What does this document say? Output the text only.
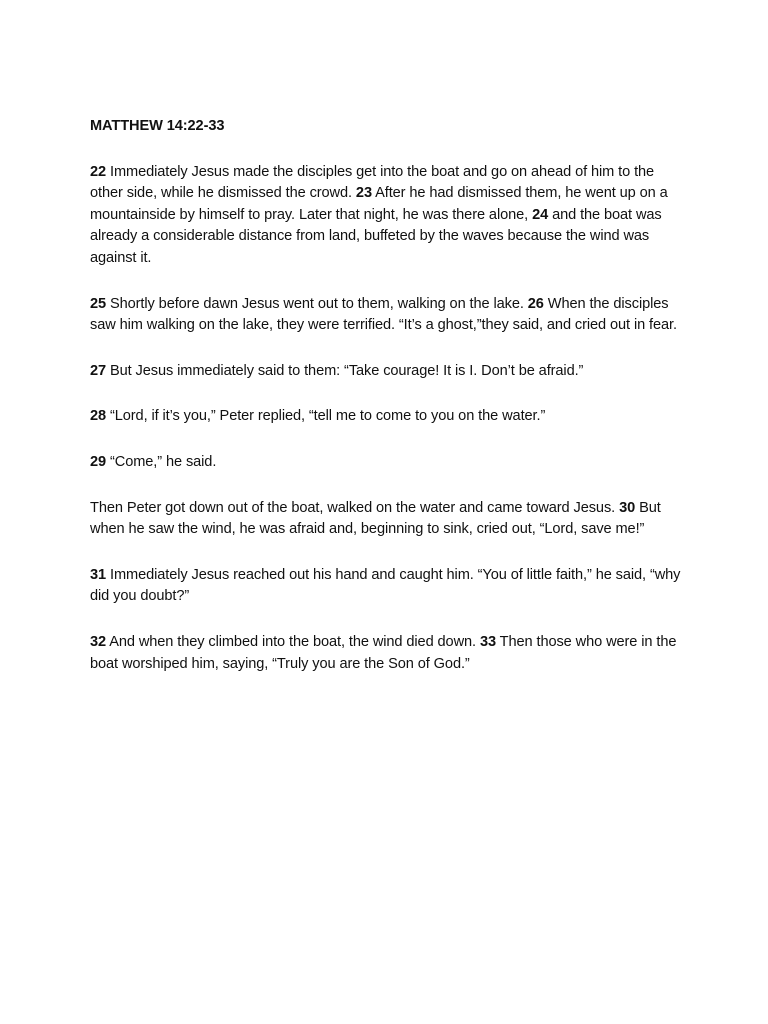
MATTHEW 14:22-33
22 Immediately Jesus made the disciples get into the boat and go on ahead of him to the other side, while he dismissed the crowd. 23 After he had dismissed them, he went up on a mountainside by himself to pray. Later that night, he was there alone, 24 and the boat was already a considerable distance from land, buffeted by the waves because the wind was against it.
25 Shortly before dawn Jesus went out to them, walking on the lake. 26 When the disciples saw him walking on the lake, they were terrified. “It’s a ghost,”they said, and cried out in fear.
27 But Jesus immediately said to them: “Take courage! It is I. Don’t be afraid.”
28 “Lord, if it’s you,” Peter replied, “tell me to come to you on the water.”
29 “Come,” he said.
Then Peter got down out of the boat, walked on the water and came toward Jesus. 30 But when he saw the wind, he was afraid and, beginning to sink, cried out, “Lord, save me!”
31 Immediately Jesus reached out his hand and caught him. “You of little faith,” he said, “why did you doubt?”
32 And when they climbed into the boat, the wind died down. 33 Then those who were in the boat worshiped him, saying, “Truly you are the Son of God.”
